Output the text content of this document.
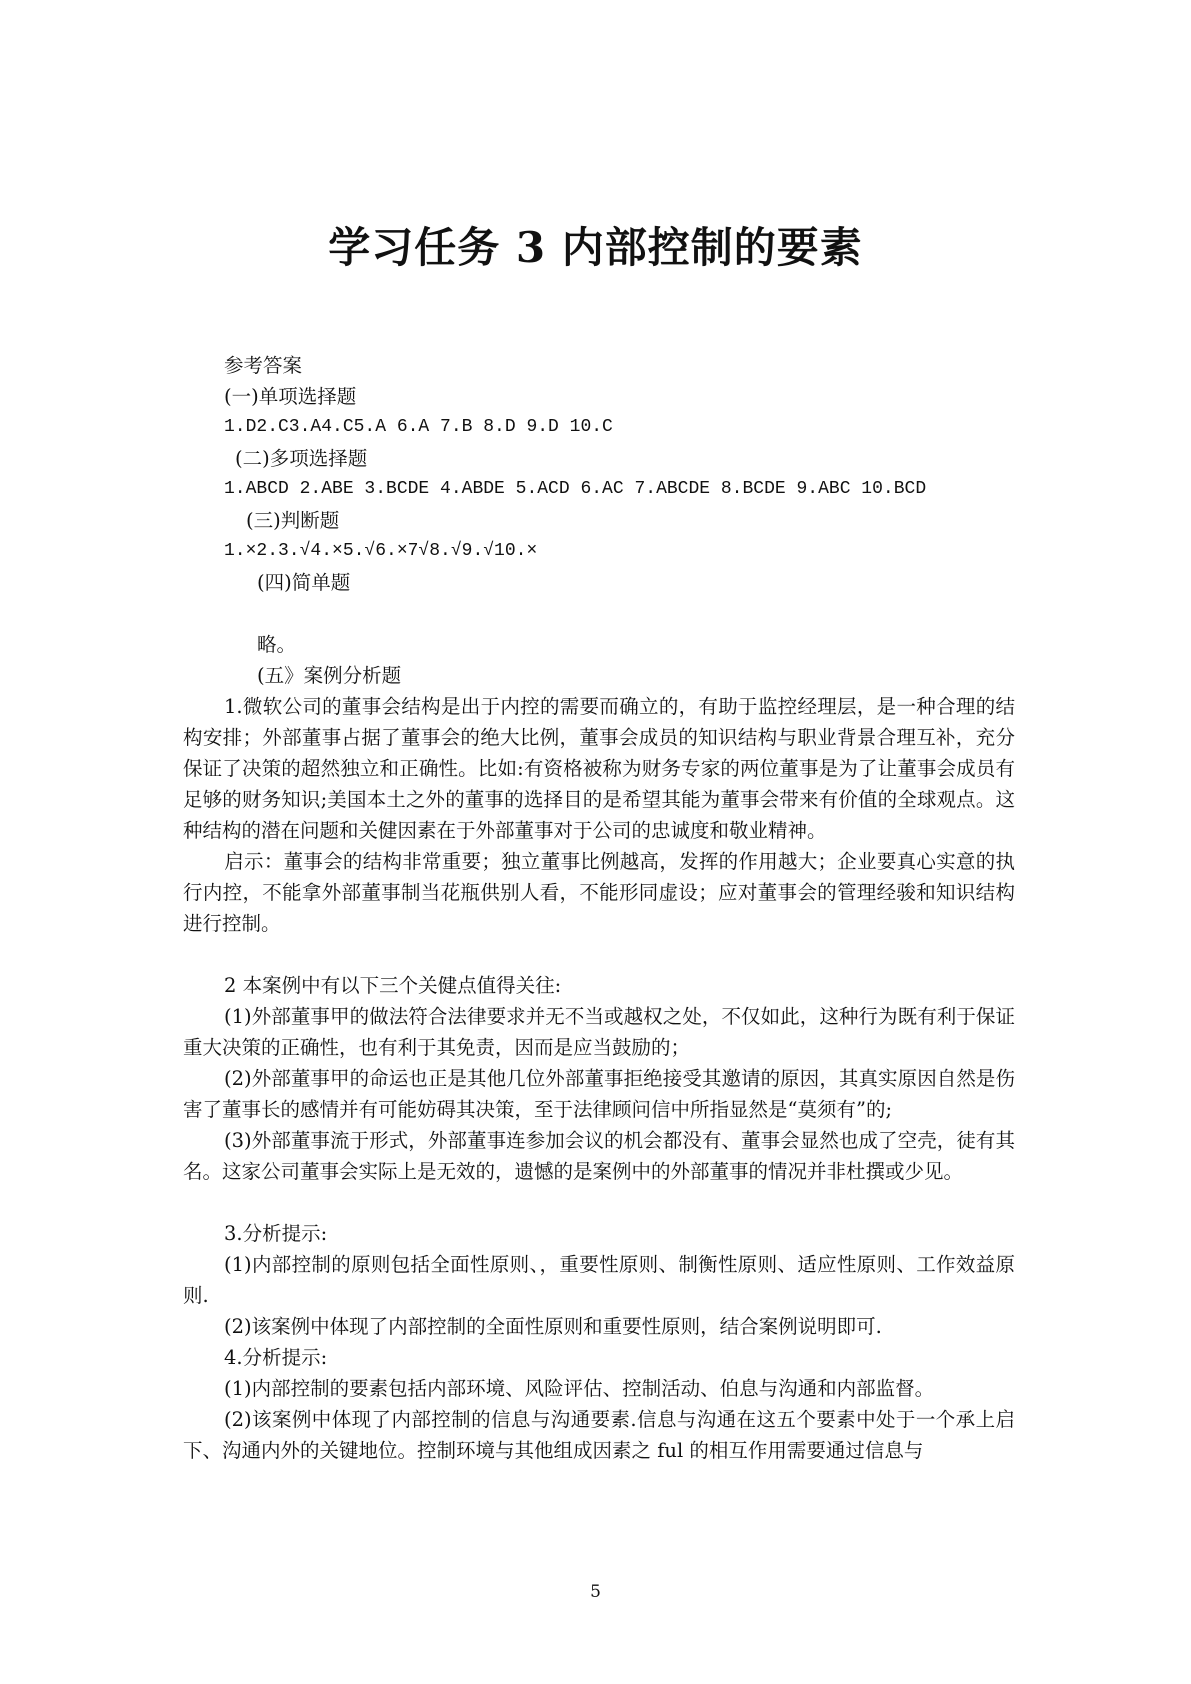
学习任务 3 内部控制的要素
参考答案
(一)单项选择题
1.D2.C3.A4.C5.A 6.A 7.B 8.D 9.D 10.C
(二)多项选择题
1.ABCD 2.ABE 3.BCDE 4.ABDE 5.ACD 6.AC 7.ABCDE 8.BCDE 9.ABC 10.BCD
(三)判断题
1.×2.3.√4.×5.√6.×7√8.√9.√10.×
(四)简单题
略。
(五》案例分析题
1.微软公司的董事会结构是出于内控的需要而确立的，有助于监控经理层，是一种合理的结构安排；外部董事占据了董事会的绝大比例，董事会成员的知识结构与职业背景合理互补，充分保证了决策的超然独立和正确性。比如:有资格被称为财务专家的两位董事是为了让董事会成员有足够的财务知识;美国本土之外的董事的选择目的是希望其能为董事会带来有价值的全球观点。这种结构的潜在问题和关健因素在于外部董事对于公司的忠诚度和敬业精神。
启示：董事会的结构非常重要；独立董事比例越高，发挥的作用越大；企业要真心实意的执行内控，不能拿外部董事制当花瓶供别人看，不能形同虚设；应对董事会的管理经骏和知识结构进行控制。
2 本案例中有以下三个关健点值得关往:
(1)外部董事甲的做法符合法律要求并无不当或越权之处，不仅如此，这种行为既有利于保证重大决策的正确性，也有利于其免责，因而是应当鼓励的；
(2)外部董事甲的命运也正是其他几位外部董事拒绝接受其邀请的原因，其真实原因自然是伤害了董事长的感情并有可能妨碍其决策，至于法律顾问信中所指显然是“莫须有”的;
(3)外部董事流于形式，外部董事连参加会议的机会都没有、董事会显然也成了空壳，徒有其名。这家公司董事会实际上是无效的，遗憾的是案例中的外部董事的情况并非杜撰或少见。
3.分析提示:
(1)内部控制的原则包括全面性原则、，重要性原则、制衡性原则、适应性原则、工作效益原则.
(2)该案例中体现了内部控制的全面性原则和重要性原则，结合案例说明即可.
4.分析提示:
(1)内部控制的要素包括内部环境、风险评估、控制活动、伯息与沟通和内部监督。
(2)该案例中体现了内部控制的信息与沟通要素.信息与沟通在这五个要素中处于一个承上启下、沟通内外的关键地位。控制环境与其他组成因素之 ful 的相互作用需要通过信息与
5
